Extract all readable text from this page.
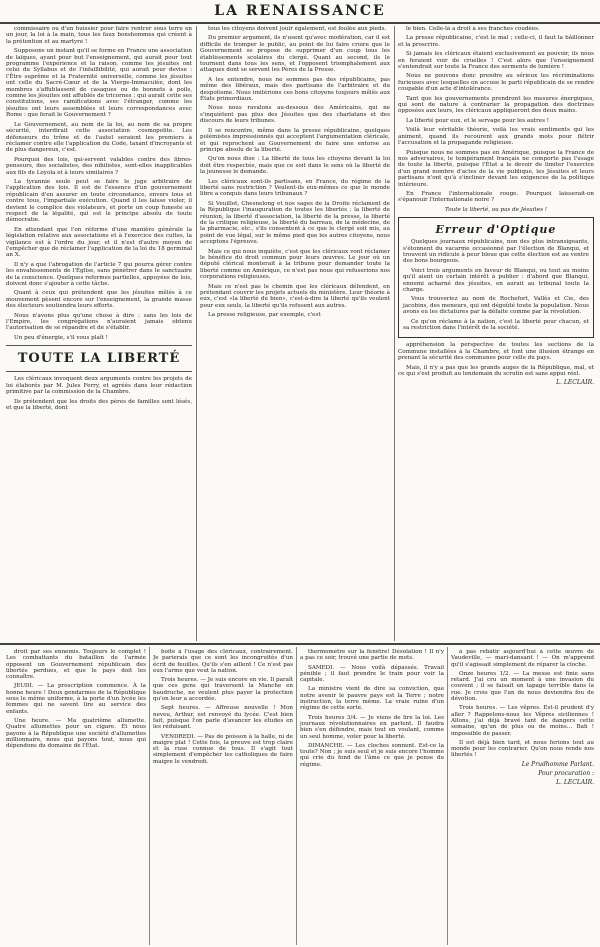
LA RENAISSANCE

commissaire ou d'un huissier pour faire rentrer sous terre en un jour, la loi à la main, tous les faux bonshommes qui créent à la prétention et au martyre !

Supposons un instant qu'il se forme en France une association de laïques, ayant pour but l'enseignement, qui aurait pour tout programme l'expérience et la raison, comme les jésuites ont celui du Syllabus et de l'infaillibilité, qui aurait pour devise : l'Être suprême et la Fraternité universelle, comme les jésuites ont celle du Sacré-Cœur et de la Vierge-Immaculée, dont les membres s'affublassent de casaques ou de bonnets à poils, comme les jésuites ont affublés de tricornes ; qui aurait cette ses constitutions, ses ramifications avec l'étranger, comme les jésuites ont leurs assemblées et leurs correspondances avec Rome : que ferait le Gouvernement ?

Le Gouvernement, au nom de la loi, au nom de sa propre sécurité, interdirait cette association cosmopolite. Les défenseurs du trône et de l'autel seraient les premiers à réclamer contre elle l'application du Code, taxant d'incroyants et de plus dangereux, c'est.

Pourquoi des lois, qui-servent valables contre des libres-penseurs, des socialistes, des nihilistes, sont-elles inapplicables aux fils de Loyola et à leurs similaires ?

La tyrannie seule peut se faire le juge arbitraire de l'application des lois. Il est de l'essence d'un gouvernement républicain d'en assurer en toute circonstance, envers tous et contre tous, l'impartiale exécution. Quand il les laisse violer, il devient le complice des violateurs, et porte un coup funeste au respect de la légalité, qui est le principe absolu de toute démocratie.

En attendant que l'on réforme d'une manière générale la législation relative aux associations et à l'exercice des cultes, la vigilance est à l'ordre du jour, et il n'est d'autre moyen de l'empêcher que de réclamer l'application de la loi du 18 germinal an X.

Il n'y a que l'abrogation de l'article 7 qui pourra gérer contre les envahissements de l'Église, sans pénétrer dans le sanctuaire de la conscience. Quelques reformes partielles, appuyées de lois, doivent donc s'ajouter à cette tâche.

Quant à ceux qui prétendent que les jésuites mêlés à ce mouvement pèsent encore sur l'enseignement, la grande masse des électeurs soutiendra leurs efforts.

Nous n'avons plus qu'une chose à dire : sans les lois de l'Empire, les congrégations n'auraient jamais obtenu l'autorisation de se répandre et de s'établir.

Un peu d'énergie, s'il vous plaît !

TOUTE LA LIBERTÉ

Les cléricaux invoquent deux arguments contre les projets de loi élaborés par M. Jules Ferry, et agréés dans leur rédaction primitive par la commission de la Chambre.

Ils prétendent que les droits des pères de familles sont lésés, et que la liberté, dont

tous les citoyens doivent jouir également, est foulée aux pieds.

Du premier argument, ils n'usent qu'avec modération, car il est difficile de tromper le public, au point de lui faire croire que le Gouvernement se propose de supprimer d'un coup tous les établissements scolaires du clergé. Quant au second, ils le tournent dans tous les sens, et l'opposent triomphalement aux attaques dont se servent les Pères de la Presse.

A les entendre, nous ne sommes pas des républicains, pas même des libéraux, mais des partisans de l'arbitraire et du despotisme. Nous imitérions ces bons citoyens toujours mêlés aux États primordiaux.

Nous nous ravalons au-dessous des Américains, qui ne s'inquiètent pas plus des Jésuites que des charlatans et des discours de leurs tribunes.

Il se rencontre, même dans la presse républicaine, quelques polémistes impressionnés qui acceptent l'argumentation cléricale, et qui reprochent au Gouvernement de faire une entorse au principe absolu de la liberté.

Qu'on nous dise : La liberté de tous les citoyens devant la loi doit être respectée, mais que ce soit dans le sens où la liberté de la jeunesse le demande.

Les cléricaux sont-ils partisans, en France, du régime de la liberté sans restriction ? Veulent-ils eux-mêmes ce que le monde libre a conquis dans leurs tribunaux ?

Si Veuillot, Chesnelong et nos sages de la Droite réclament de la République l'inauguration de toutes les libertés : la liberté de réunion, la liberté d'association, la liberté de la presse, la liberté de la critique religieuse, la liberté du barreau, de la médecine, de la pharmacie, etc., s'ils consentent à ce que le clergé soit mis, au point de vue légal, sur le même pied que les autres citoyens, nous acceptons l'épreuve.

Mais ce qui nous inquiète, c'est que les cléricaux vont réclamer le bénéfice du droit commun pour leurs œuvres. Le jour où un député clérical monterait à la tribune pour demander toute la liberté comme en Amérique, ce n'est pas nous qui refuserions nos corporations religieuses.

Mais ce n'est pas le chemin que les cléricaux défendent, en prétendant couvrir les projets actuels du ministère. Leur théorie à eux, c'est «la liberté du bien», c'est-à-dire la liberté qu'ils veulent pour eux seuls, la liberté qu'ils refusent aux autres.

La presse religieuse, par exemple, c'est

le bien. Celle-là a droit à ses franches coudées.

La presse républicaine, c'est le mal ; celle-ci, il faut la bâillonner et la proscrire.

Si jamais les cléricaux étaient exclusivement au pouvoir, ils nous en feraient voir de cruelles ! C'est alors que l'enseignement s'entendrait sur toute la France des serments de lumière !

Nous ne pouvons donc prendre au sérieux les récriminations furieuses avec lesquelles on accuse le parti républicain de se rendre coupable d'un acte d'intolérance.

Tant que les gouvernements prendront les mesures énergiques, qui sont de nature à contrarier la propagation des doctrines opposées aux leurs, les cléricaux appliqueront des deux mains.

La liberté pour eux, et le servage pour les autres !

Voilà leur véritable théorie, voilà les vrais sentiments qui les animent, quand ils recourent aux grands mots pour flétrir l'accusation et la propagande religieuse.

Puisque nous ne sommes pas en Amérique, puisque la France de nos adversaires, le tempérament français ne comporte pas l'usage de toute la liberté, puisque l'État a le devoir de limiter l'exercice d'un grand nombre d'actes de la vie publique, les Jésuites et leurs partisans n'ont qu'à s'incliner devant les exigences de la politique intérieure.

En France l'internationale rouge. Pourquoi laisserait-on s'épanouir l'internationale noire ?

Toute la liberté, ou pas de Jésuites !

Erreur d'Optique

Quelques journaux républicains, non des plus intransigeants, s'étonnent du vacarme occasionné par l'élection de Blanqui, et trouvent un ridicule à peur bleue que cette élection est au ventre des bons bourgeois.

Voici trois arguments en faveur de Blanqui, ou tout au moins qu'il aient un certain intérêt à publier : d'abord que Blanqui, ennemi acharné des jésuites, en aurait au tribunal toute la charge.

Vous trouveriez au nom de Rochefort, Vallès et Cie, des jacobins, des meneurs, qui ont dégoûté toute la population. Nous avons eu les dictatures par la défaite comme par la révolution.

Ce qu'on réclame à la nation, c'est la liberté pour chacun, et sa restriction dans l'intérêt de la société.

appréhension la perspective de toutes les sections de la Commune installées à la Chambre, et font une illusion étrange en prenant la sécurité des communes pour celle du pays.

Mais, il n'y a pas que les grands auges de la République, mal, et ce qui s'est produit au lendemain du scrutin est sans appui réel.

L. LECLAIR.

droit par ses ennemis. Toujours le complet ! Les combattants du bataillon de l'armée opposent un Gouvernement républicain des libertés perdues, et que le pays doit les connaître.

JEUDI. — La proscription commence. À la bonne heure ! Deux gendarmes de la République sous le même uniforme, à la porte d'un lycée les femmes qui ne savent lire au service des enfants.

Une heure. — Ma quatrième allumette. Quatre allumettes pour un cigare. Et nous payons à la République une société d'allumettes millionnaire, nous qui payons tout, nous qui dépendons du domaine de l'État.

boîte à l'usage des cléricaux, contrairement. Je parierais que ce sont les incongruités d'un écrit de feuilles. Qu'ils s'en aillent ! Ce n'est pas eux l'arme que veut la nation.

Trois heures. — Je suis encore en vie. Il paraît que ces gens qui traversent la Manche en baudruche, ne veulent plus payer la protection qu'on leur a accordée.

Sept heures. — Affreuse nouvelle ! Mon neveu, Arthur, est renvoyé du lycée. C'est bien fait, puisque l'on parle d'avancer les études en les réduisant.

VENDREDI. — Pas de poisson à la halle, ni de maigre plat ! Cette fois, la preuve est trop claire et la ruse connue de tous. Il s'agit tout simplement d'empêcher les catholiques de faire maigre le vendredi.

thermomètre sur la fenêtre! Désolation ! Il n'y a pas ce soir, trouvé une partie de mots.

SAMEDI. — Nous voilà dépassés. Travail pénible ; il faut prendre le train pour voir la capitale.

La ministre vient de dire sa conviction, que notre avenir le pauvre pays est la Terre ; notre instruction, la terre même. La vraie ruine d'un régime de cette sorte.

Trois heures 3/4. — Je viens de lire la loi. Les journaux révolutionnaires en parlent. Il faudra bien s'en défendre, mais tout en voulant, comme un seul homme, voter pour la liberté.

DIMANCHE. — Les cloches sonnent. Est-ce la toute? Non ; je suis seul et je suis encore l'homme qui crie du fond de l'âme ce que je pense du régime.

à pas rebâtir aujourd'hui à cette œuvre de Vaudeville, — mari-dansant ! — On m'apprend qu'il s'agissait simplement de réparer la cloche.

Onze heures 1/2. — La messe est finie sans retard. J'ai cru un moment à une invasion du couvent ; il se faisait un tapage terrible dans la rue. Je crois que l'un de nous deviendra fou de dévotion.

Trois heures. — Les vêpres. Est-il prudent d'y aller ? Rappelons-nous les Vêpres siciliennes ! Allons, j'ai déjà bravé tant de dangers cette semaine, qu'un de plus ou de moins… Bah ! impossible de passer.

Il est déjà bien tard, et nous ferions tout au monde pour les contrarier. Qu'on nous rende nos libertés !

Le Prudhomme Parlant.

Pour procuration :

L. LECLAIR.
